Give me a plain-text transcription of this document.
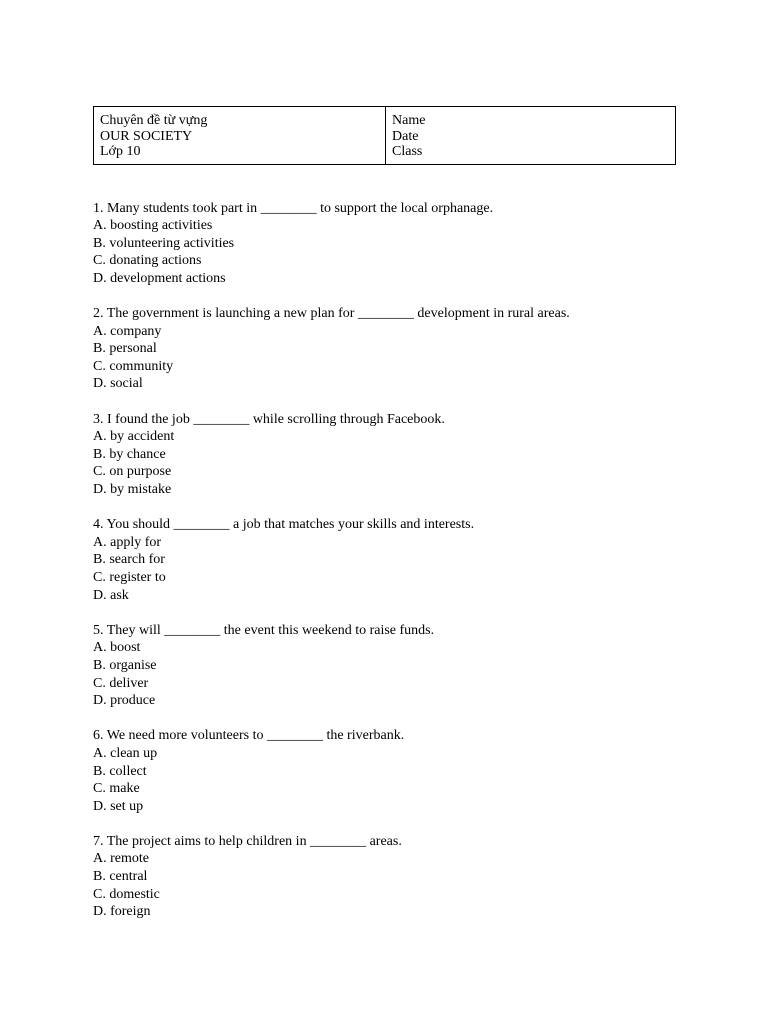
Chuyên đề từ vựng
OUR SOCIETY
Lớp 10

Name
Date
Class
1. Many students took part in ________ to support the local orphanage.
A. boosting activities
B. volunteering activities
C. donating actions
D. development actions
2. The government is launching a new plan for ________ development in rural areas.
A. company
B. personal
C. community
D. social
3. I found the job ________ while scrolling through Facebook.
A. by accident
B. by chance
C. on purpose
D. by mistake
4. You should ________ a job that matches your skills and interests.
A. apply for
B. search for
C. register to
D. ask
5. They will ________ the event this weekend to raise funds.
A. boost
B. organise
C. deliver
D. produce
6. We need more volunteers to ________ the riverbank.
A. clean up
B. collect
C. make
D. set up
7. The project aims to help children in ________ areas.
A. remote
B. central
C. domestic
D. foreign
